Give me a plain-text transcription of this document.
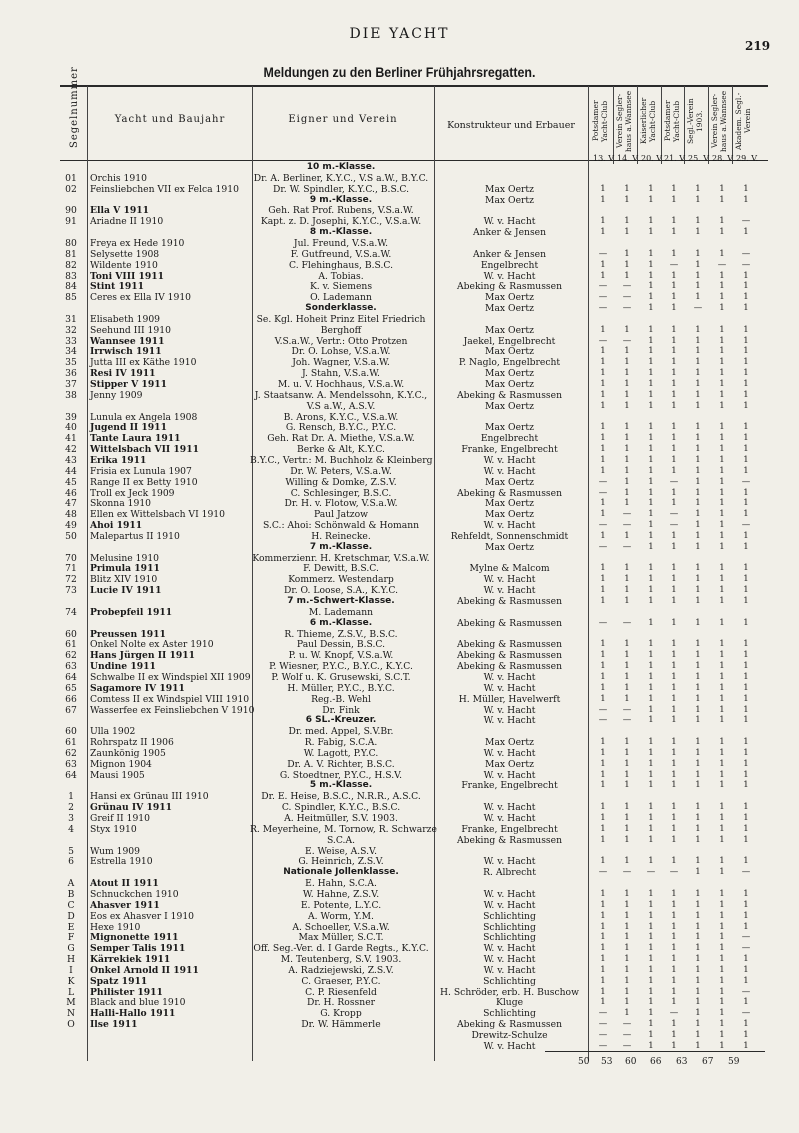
DIE YACHT
219
Meldungen zu den Berliner Frühjahrsregatten.
Segelnummer	Yacht und Baujahr	Eigner und Verein
Konstrukteur und Erbauer	Potsdamer Yacht-Club Verein Segler-haus a.Wannsee Kaiserlicher Yacht-Club Potsdamer Yacht-Club Segl.-Verein 1903. Verein Segler-haus a.Wannsee Akadem. Segl.-Verein
13. V. 14. V. 20. V. 21. V. 25. V. 28. V. 29. V.
10 m.-Klasse.
01	Orchis 1910	Dr. A. Berliner, K.Y.C., V.S a.W., B.Y.C.
02	Feinsliebchen VII ex Felca 1910	Dr. W. Spindler, K.Y.C., B.S.C.	Max Oertz	1	1	1	1	1	1	1
9 m.-Klasse.	Max Oertz	1	1	1	1	1	1	1
90	Ella V 1911	Geh. Rat Prof. Rubens, V.S.a.W.
91	Ariadne II 1910	Kapt. z. D. Josephi, K.Y.C., V.S.a.W.	W. v. Hacht	1	1	1	1	1	1	—
8 m.-Klasse.	Anker & Jensen	1	1	1	1	1	1	1
80	Freya ex Hede 1910	Jul. Freund, V.S.a.W.
81	Selysette 1908	F. Gutfreund, V.S.a.W.	Anker & Jensen	—	1	1	1	1	1	—
82	Wildente 1910	C. Flehinghaus, B.S.C.	Engelbrecht	1	1	1	—	1	—	—
83	Toni VIII 1911	A. Tobias.	W. v. Hacht	1	1	1	1	1	1	1
84	Stint 1911	K. v. Siemens	Abeking & Rasmussen	—	—	1	1	1	1	1
85	Ceres ex Ella IV 1910	O. Lademann	Max Oertz	—	—	1	1	1	1	1
Sonderklasse.	Max Oertz	—	—	1	1	—	1	1
31	Elisabeth 1909	Se. Kgl. Hoheit Prinz Eitel Friedrich
32	Seehund III 1910	Berghoff	Max Oertz	1	1	1	1	1	1	1
33	Wannsee 1911	V.S.a.W., Vertr.: Otto Protzen	Jaekel, Engelbrecht	—	—	1	1	1	1	1
34	Irrwisch 1911	Dr. O. Lohse, V.S.a.W.	Max Oertz	1	1	1	1	1	1	1
35	Jutta III ex Käthe 1910	Joh. Wagner, V.S.a.W.	P. Naglo, Engelbrecht	1	1	1	1	1	1	1
36	Resi IV 1911	J. Stahn, V.S.a.W.	Max Oertz	1	1	1	1	1	1	1
37	Stipper V 1911	M. u. V. Hochhaus, V.S.a.W.	Max Oertz	1	1	1	1	1	1	1
38	Jenny 1909	J. Staatsanw. A. Mendelssohn, K.Y.C.,	Abeking & Rasmussen	1	1	1	1	1	1	1
V.S a.W., A.S.V.	Max Oertz	1	1	1	1	1	1	1
39	Lunula ex Angela 1908	B. Arons, K.Y.C., V.S.a.W.
40	Jugend II 1911	G. Rensch, B.Y.C., P.Y.C.	Max Oertz	1	1	1	1	1	1	1
41	Tante Laura 1911	Geh. Rat Dr. A. Miethe, V.S.a.W.	Engelbrecht	1	1	1	1	1	1	1
42	Wittelsbach VII 1911	Berke & Alt, K.Y.C.	Franke, Engelbrecht	1	1	1	1	1	1	1
43	Erika 1911	B.Y.C., Vertr.: M. Buchholz & Kleinberg	W. v. Hacht	1	1	1	1	1	1	1
44	Frisia ex Lunula 1907	Dr. W. Peters, V.S.a.W.	W. v. Hacht	1	1	1	1	1	1	1
45	Range II ex Betty 1910	Willing & Domke, Z.S.V.	Max Oertz	—	1	1	—	1	1	—
46	Troll ex Jeck 1909	C. Schlesinger, B.S.C.	Abeking & Rasmussen	—	1	1	1	1	1	1
47	Skonna 1910	Dr. H. v. Flotow, V.S.a.W.	Max Oertz	1	1	1	1	1	1	1
48	Ellen ex Wittelsbach VI 1910	Paul Jatzow	Max Oertz	1	—	1	—	1	1	1
49	Ahoi 1911	S.C.: Ahoi: Schönwald & Homann	W. v. Hacht	—	—	1	—	1	1	—
50	Malepartus II 1910	H. Reinecke.	Rehfeldt, Sonnenschmidt	1	1	1	1	1	1	1
7 m.-Klasse.	Max Oertz	—	—	1	1	1	1	1
70	Melusine 1910	Kommerzienr. H. Kretschmar, V.S.a.W.
71	Primula 1911	F. Dewitt, B.S.C.	Mylne & Malcom	1	1	1	1	1	1	1
72	Blitz XIV 1910	Kommerz. Westendarp	W. v. Hacht	1	1	1	1	1	1	1
73	Lucie IV 1911	Dr. O. Loose, S.A., K.Y.C.	W. v. Hacht	1	1	1	1	1	1	1
7 m.-Schwert-Klasse.	Abeking & Rasmussen	1	1	1	1	1	1	1
74	Probepfeil 1911	M. Lademann
6 m.-Klasse.	Abeking & Rasmussen	—	—	1	1	1	1	1
60	Preussen 1911	R. Thieme, Z.S.V., B.S.C.
61	Onkel Nolte ex Aster 1910	Paul Dessin, B.S.C.	Abeking & Rasmussen	1	1	1	1	1	1	1
62	Hans Jürgen II 1911	P. u. W. Knopf, V.S.a.W.	Abeking & Rasmussen	1	1	1	1	1	1	1
63	Undine 1911	P. Wiesner, P.Y.C., B.Y.C., K.Y.C.	Abeking & Rasmussen	1	1	1	1	1	1	1
64	Schwalbe II ex Windspiel XII 1909	P. Wolf u. K. Grusewski, S.C.T.	W. v. Hacht	1	1	1	1	1	1	1
65	Sagamore IV 1911	H. Müller, P.Y.C., B.Y.C.	W. v. Hacht	1	1	1	1	1	1	1
66	Comtess II ex Windspiel VIII 1910	Reg.-B. Wehl	H. Müller, Havelwerft	1	1	1	1	1	1	1
67	Wasserfee ex Feinsliebchen V 1910	Dr. Fink	W. v. Hacht	—	—	1	1	1	1	1
6 SL.-Kreuzer.	W. v. Hacht	—	—	1	1	1	1	1
60	Ulla 1902	Dr. med. Appel, S.V.Br.
61	Rohrspatz II 1906	R. Fabig, S.C.A.	Max Oertz	1	1	1	1	1	1	1
62	Zaunkönig 1905	W. Lagott, P.Y.C.	W. v. Hacht	1	1	1	1	1	1	1
63	Mignon 1904	Dr. A. V. Richter, B.S.C.	Max Oertz	1	1	1	1	1	1	1
64	Mausi 1905	G. Stoedtner, P.Y.C., H.S.V.	W. v. Hacht	1	1	1	1	1	1	1
5 m.-Klasse.	Franke, Engelbrecht	1	1	1	1	1	1	1
1	Hansi ex Grünau III 1910	Dr. E. Heise, B.S.C., N.R.R., A.S.C.
2	Grünau IV 1911	C. Spindler, K.Y.C., B.S.C.	W. v. Hacht	1	1	1	1	1	1	1
3	Greif II 1910	A. Heitmüller, S.V. 1903.	W. v. Hacht	1	1	1	1	1	1	1
4	Styx 1910	R. Meyerheine, M. Tornow, R. Schwarze	Franke, Engelbrecht	1	1	1	1	1	1	1
S.C.A.	Abeking & Rasmussen	1	1	1	1	1	1	1
5	Wum 1909	E. Weise, A.S.V.
6	Estrella 1910	G. Heinrich, Z.S.V.	W. v. Hacht	1	1	1	1	1	1	1
Nationale Jollenklasse.	R. Albrecht	—	—	—	—	1	1	—
A	Atout II 1911	E. Hahn, S.C.A.
B	Schnuckchen 1910	W. Hahne, Z.S.V.	W. v. Hacht	1	1	1	1	1	1	1
C	Ahasver 1911	E. Potente, L.Y.C.	W. v. Hacht	1	1	1	1	1	1	1
D	Eos ex Ahasver I 1910	A. Worm, Y.M.	Schlichting	1	1	1	1	1	1	1
E	Hexe 1910	A. Schoeller, V.S.a.W.	Schlichting	1	1	1	1	1	1	1
F	Mignonette 1911	Max Müller, S.C.T.	Schlichting	1	1	1	1	1	1	—
G	Semper Talis 1911	Off. Seg.-Ver. d. I Garde Regts., K.Y.C.	W. v. Hacht	1	1	1	1	1	1	—
H	Kärrekiek 1911	M. Teutenberg, S.V. 1903.	W. v. Hacht	1	1	1	1	1	1	1
I	Onkel Arnold II 1911	A. Radziejewski, Z.S.V.	W. v. Hacht	1	1	1	1	1	1	1
K	Spatz 1911	C. Graeser, P.Y.C.	Schlichting	1	1	1	1	1	1	1
L	Philister 1911	C. P. Riesenfeld	H. Schröder, erb. H. Buschow	1	1	1	1	1	1	—
M	Black and blue 1910	Dr. H. Rossner	Kluge	1	1	1	1	1	1	1
N	Halli-Hallo 1911	G. Kropp	Schlichting	—	1	1	—	1	1	—
O	Ilse 1911	Dr. W. Hämmerle	Abeking & Rasmussen	—	—	1	1	1	1	1
Drewitz-Schulze	—	—	1	1	1	1	1
W. v. Hacht	—	—	1	1	1	1	1
50 53 60 66 63 67 59
